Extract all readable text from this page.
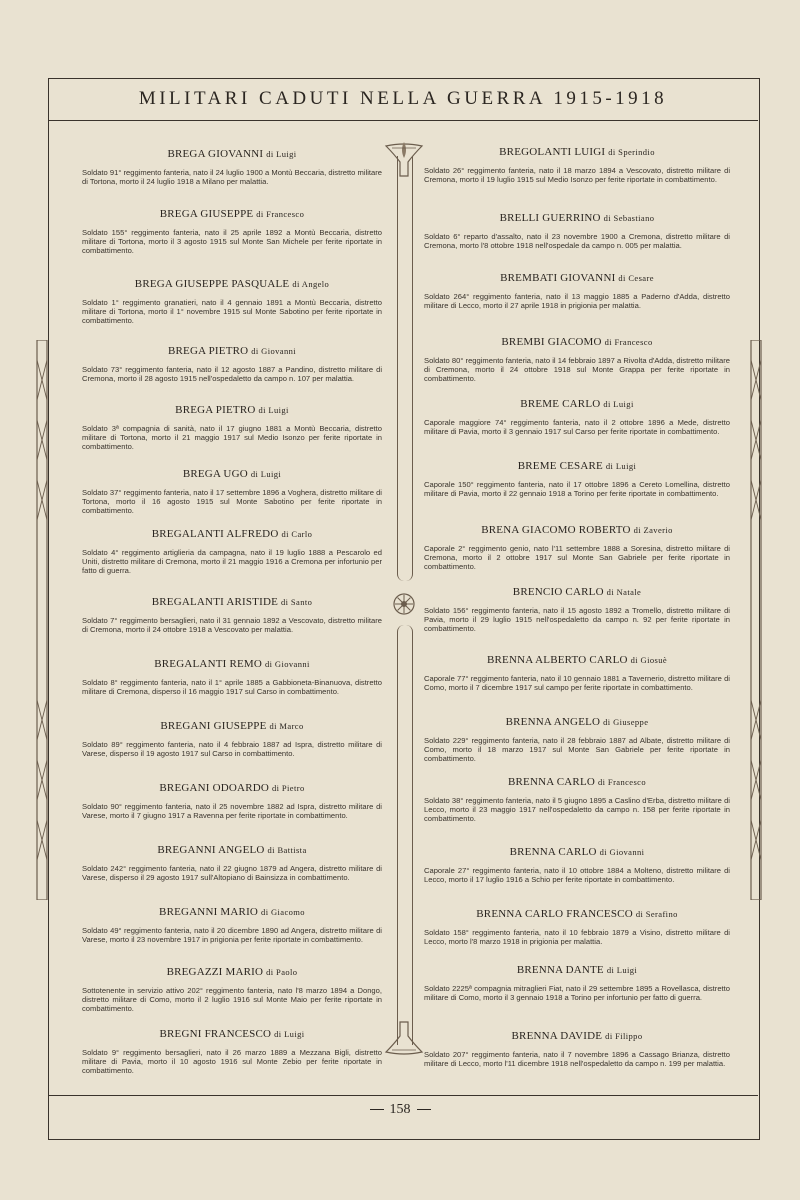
MILITARI CADUTI NELLA GUERRA 1915-1918
BREGA GIOVANNI di Luigi
Soldato 91° reggimento fanteria, nato il 24 luglio 1900 a Montù Beccaria, distretto militare di Tortona, morto il 24 luglio 1918 a Milano per malattia.
BREGA GIUSEPPE di Francesco
Soldato 155° reggimento fanteria, nato il 25 aprile 1892 a Montù Beccaria, distretto militare di Tortona, morto il 3 agosto 1915 sul Monte San Michele per ferite riportate in combattimento.
BREGA GIUSEPPE PASQUALE di Angelo
Soldato 1° reggimento granatieri, nato il 4 gennaio 1891 a Montù Beccaria, distretto militare di Tortona, morto il 1° novembre 1915 sul Monte Sabotino per ferite riportate in combattimento.
BREGA PIETRO di Giovanni
Soldato 73° reggimento fanteria, nato il 12 agosto 1887 a Pandino, distretto militare di Cremona, morto il 28 agosto 1915 nell'ospedaletto da campo n. 107 per malattia.
BREGA PIETRO di Luigi
Soldato 3ª compagnia di sanità, nato il 17 giugno 1881 a Montù Beccaria, distretto militare di Tortona, morto il 21 maggio 1917 sul Medio Isonzo per ferite riportate in combattimento.
BREGA UGO di Luigi
Soldato 37° reggimento fanteria, nato il 17 settembre 1896 a Voghera, distretto militare di Tortona, morto il 16 agosto 1915 sul Monte Sabotino per ferite riportate in combattimento.
BREGALANTI ALFREDO di Carlo
Soldato 4° reggimento artiglieria da campagna, nato il 19 luglio 1888 a Pescarolo ed Uniti, distretto militare di Cremona, morto il 21 maggio 1916 a Cremona per infortunio per fatto di guerra.
BREGALANTI ARISTIDE di Santo
Soldato 7° reggimento bersaglieri, nato il 31 gennaio 1892 a Vescovato, distretto militare di Cremona, morto il 24 ottobre 1918 a Vescovato per malattia.
BREGALANTI REMO di Giovanni
Soldato 8° reggimento fanteria, nato il 1° aprile 1885 a Gabbioneta-Binanuova, distretto militare di Cremona, disperso il 16 maggio 1917 sul Carso in combattimento.
BREGANI GIUSEPPE di Marco
Soldato 89° reggimento fanteria, nato il 4 febbraio 1887 ad Ispra, distretto militare di Varese, disperso il 19 agosto 1917 sul Carso in combattimento.
BREGANI ODOARDO di Pietro
Soldato 90° reggimento fanteria, nato il 25 novembre 1882 ad Ispra, distretto militare di Varese, morto il 7 giugno 1917 a Ravenna per ferite riportate in combattimento.
BREGANNI ANGELO di Battista
Soldato 242° reggimento fanteria, nato il 22 giugno 1879 ad Angera, distretto militare di Varese, disperso il 29 agosto 1917 sull'Altopiano di Bainsizza in combattimento.
BREGANNI MARIO di Giacomo
Soldato 49° reggimento fanteria, nato il 20 dicembre 1890 ad Angera, distretto militare di Varese, morto il 23 novembre 1917 in prigionia per ferite riportate in combattimento.
BREGAZZI MARIO di Paolo
Sottotenente in servizio attivo 202° reggimento fanteria, nato l'8 marzo 1894 a Dongo, distretto militare di Como, morto il 2 luglio 1916 sul Monte Maio per ferite riportate in combattimento.
BREGNI FRANCESCO di Luigi
Soldato 9° reggimento bersaglieri, nato il 26 marzo 1889 a Mezzana Bigli, distretto militare di Pavia, morto il 10 agosto 1916 sul Monte Zebio per ferite riportate in combattimento.
BREGOLANTI LUIGI di Sperindio
Soldato 26° reggimento fanteria, nato il 18 marzo 1894 a Vescovato, distretto militare di Cremona, morto il 19 luglio 1915 sul Medio Isonzo per ferite riportate in combattimento.
BRELLI GUERRINO di Sebastiano
Soldato 6° reparto d'assalto, nato il 23 novembre 1900 a Cremona, distretto militare di Cremona, morto l'8 ottobre 1918 nell'ospedale da campo n. 005 per malattia.
BREMBATI GIOVANNI di Cesare
Soldato 264° reggimento fanteria, nato il 13 maggio 1885 a Paderno d'Adda, distretto militare di Lecco, morto il 27 aprile 1918 in prigionia per malattia.
BREMBI GIACOMO di Francesco
Soldato 80° reggimento fanteria, nato il 14 febbraio 1897 a Rivolta d'Adda, distretto militare di Cremona, morto il 24 ottobre 1918 sul Monte Grappa per ferite riportate in combattimento.
BREME CARLO di Luigi
Caporale maggiore 74° reggimento fanteria, nato il 2 ottobre 1896 a Mede, distretto militare di Pavia, morto il 3 gennaio 1917 sul Carso per ferite riportate in combattimento.
BREME CESARE di Luigi
Caporale 150° reggimento fanteria, nato il 17 ottobre 1896 a Cereto Lomellina, distretto militare di Pavia, morto il 22 gennaio 1918 a Torino per ferite riportate in combattimento.
BRENA GIACOMO ROBERTO di Zaverio
Caporale 2° reggimento genio, nato l'11 settembre 1888 a Soresina, distretto militare di Cremona, morto il 2 ottobre 1917 sul Monte San Gabriele per ferite riportate in combattimento.
BRENCIO CARLO di Natale
Soldato 156° reggimento fanteria, nato il 15 agosto 1892 a Tromello, distretto militare di Pavia, morto il 29 luglio 1915 nell'ospedaletto da campo n. 92 per ferite riportate in combattimento.
BRENNA ALBERTO CARLO di Giosuè
Caporale 77° reggimento fanteria, nato il 10 gennaio 1881 a Tavernerio, distretto militare di Como, morto il 7 dicembre 1917 sul campo per ferite riportate in combattimento.
BRENNA ANGELO di Giuseppe
Soldato 229° reggimento fanteria, nato il 28 febbraio 1887 ad Albate, distretto militare di Como, morto il 18 marzo 1917 sul Monte San Gabriele per ferite riportate in combattimento.
BRENNA CARLO di Francesco
Soldato 38° reggimento fanteria, nato il 5 giugno 1895 a Caslino d'Erba, distretto militare di Lecco, morto il 23 maggio 1917 nell'ospedaletto da campo n. 158 per ferite riportate in combattimento.
BRENNA CARLO di Giovanni
Caporale 27° reggimento fanteria, nato il 10 ottobre 1884 a Molteno, distretto militare di Lecco, morto il 17 luglio 1916 a Schio per ferite riportate in combattimento.
BRENNA CARLO FRANCESCO di Serafino
Soldato 158° reggimento fanteria, nato il 10 febbraio 1879 a Visino, distretto militare di Lecco, morto l'8 marzo 1918 in prigionia per malattia.
BRENNA DANTE di Luigi
Soldato 2225ª compagnia mitraglieri Fiat, nato il 29 settembre 1895 a Rovellasca, distretto militare di Como, morto il 3 gennaio 1918 a Torino per infortunio per fatto di guerra.
BRENNA DAVIDE di Filippo
Soldato 207° reggimento fanteria, nato il 7 novembre 1896 a Cassago Brianza, distretto militare di Lecco, morto l'11 dicembre 1918 nell'ospedaletto da campo n. 199 per malattia.
158
